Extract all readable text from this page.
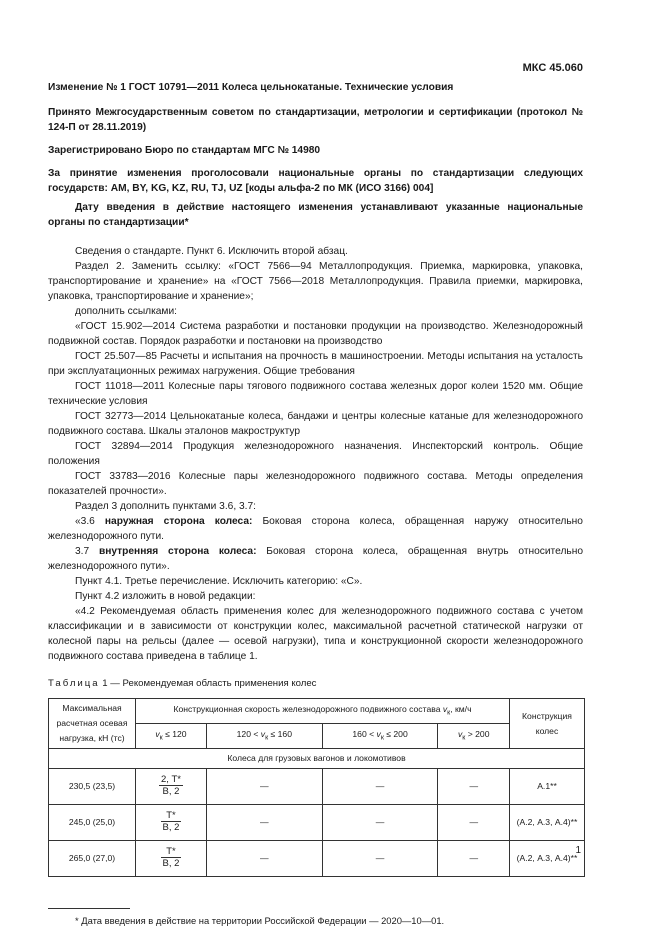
МКС 45.060

Изменение № 1 ГОСТ 10791—2011 Колеса цельнокатаные. Технические условия

Принято Межгосударственным советом по стандартизации, метрологии и сертификации (протокол № 124-П от 28.11.2019)

Зарегистрировано Бюро по стандартам МГС № 14980

За принятие изменения проголосовали национальные органы по стандартизации следующих государств: AM, BY, KG, KZ, RU, TJ, UZ [коды альфа-2 по МК (ИСО 3166) 004]

Дату введения в действие настоящего изменения устанавливают указанные национальные органы по стандартизации*

Сведения о стандарте. Пункт 6. Исключить второй абзац.

Раздел 2. Заменить ссылку: «ГОСТ 7566—94 Металлопродукция. Приемка, маркировка, упаковка, транспортирование и хранение» на «ГОСТ 7566—2018 Металлопродукция. Правила приемки, маркировка, упаковка, транспортирование и хранение»;

дополнить ссылками:

«ГОСТ 15.902—2014 Система разработки и постановки продукции на производство. Железнодорожный подвижной состав. Порядок разработки и постановки на производство

ГОСТ 25.507—85 Расчеты и испытания на прочность в машиностроении. Методы испытания на усталость при эксплуатационных режимах нагружения. Общие требования

ГОСТ 11018—2011 Колесные пары тягового подвижного состава железных дорог колеи 1520 мм. Общие технические условия

ГОСТ 32773—2014 Цельнокатаные колеса, бандажи и центры колесные катаные для железнодорожного подвижного состава. Шкалы эталонов макроструктур

ГОСТ 32894—2014 Продукция железнодорожного назначения. Инспекторский контроль. Общие положения

ГОСТ 33783—2016 Колесные пары железнодорожного подвижного состава. Методы определения показателей прочности».

Раздел 3 дополнить пунктами 3.6, 3.7:

«3.6 наружная сторона колеса: Боковая сторона колеса, обращенная наружу относительно железнодорожного пути.

3.7 внутренняя сторона колеса: Боковая сторона колеса, обращенная внутрь относительно железнодорожного пути».

Пункт 4.1. Третье перечисление. Исключить категорию: «С».

Пункт 4.2 изложить в новой редакции:

«4.2 Рекомендуемая область применения колес для железнодорожного подвижного состава с учетом классификации и в зависимости от конструкции колес, максимальной расчетной статической нагрузки от колесной пары на рельсы (далее — осевой нагрузки), типа и конструкционной скорости железнодорожного подвижного состава приведена в таблице 1.

Таблица 1 — Рекомендуемая область применения колес

Максимальная расчетная осевая нагрузка, кН (тс)	Конструкционная скорость железнодорожного подвижного состава $v_к$, км/ч				Конструкция колес
	$v_к \le 120$	$120 < v_к \le 160$	$160 < v_к \le 200$	$v_к > 200$	
Колеса для грузовых вагонов и локомотивов					
230,5 (23,5)	$\frac{2, Т*}{В, 2}$	—	—	—	А.1**
245,0 (25,0)	$\frac{Т*}{В, 2}$	—	—	—	(А.2, А.3, А.4)**
265,0 (27,0)	$\frac{Т*}{В, 2}$	—	—	—	(А.2, А.3, А.4)**

* Дата введения в действие на территории Российской Федерации — 2020—10—01.

1
